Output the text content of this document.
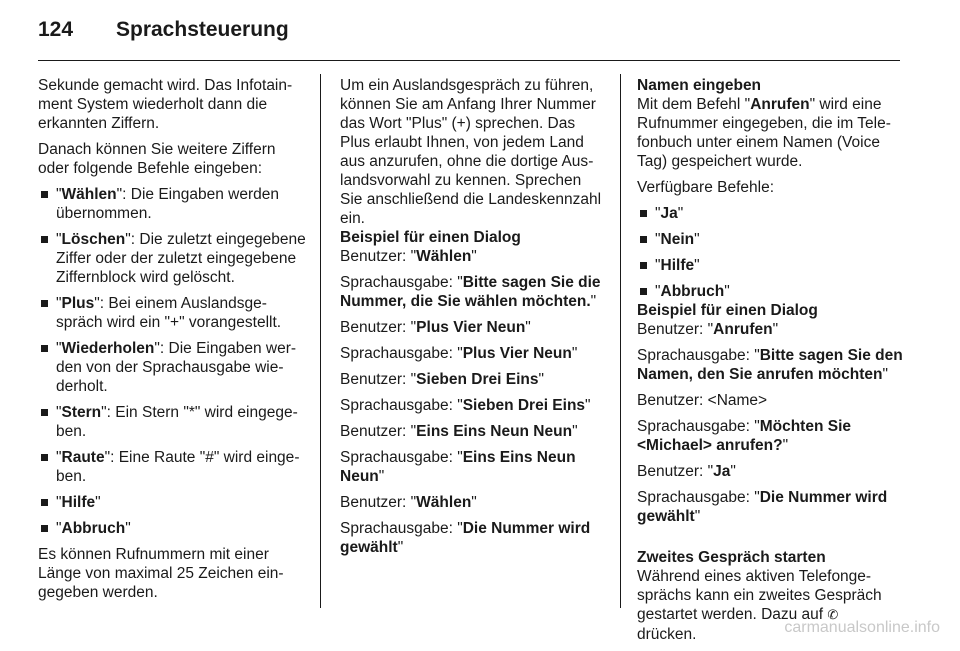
124	Sprachsteuerung

Sekunde gemacht wird. Das Infotainment System wiederholt dann die erkannten Ziffern.

Danach können Sie weitere Ziffern oder folgende Befehle eingeben:

"Wählen": Die Eingaben werden übernommen.
"Löschen": Die zuletzt eingegebene Ziffer oder der zuletzt eingegebene Ziffernblock wird gelöscht.
"Plus": Bei einem Auslandsgespräch wird ein "+" vorangestellt.
"Wiederholen": Die Eingaben werden von der Sprachausgabe wiederholt.
"Stern": Ein Stern "*" wird eingegeben.
"Raute": Eine Raute "#" wird eingeben.
"Hilfe"
"Abbruch"

Es können Rufnummern mit einer Länge von maximal 25 Zeichen eingegeben werden.

Um ein Auslandsgespräch zu führen, können Sie am Anfang Ihrer Nummer das Wort "Plus" (+) sprechen. Das Plus erlaubt Ihnen, von jedem Land aus anzurufen, ohne die dortige Auslandsvorwahl zu kennen. Sprechen Sie anschließend die Landeskennzahl ein.

Beispiel für einen Dialog

Benutzer: "Wählen"

Sprachausgabe: "Bitte sagen Sie die Nummer, die Sie wählen möchten."

Benutzer: "Plus Vier Neun"

Sprachausgabe: "Plus Vier Neun"

Benutzer: "Sieben Drei Eins"

Sprachausgabe: "Sieben Drei Eins"

Benutzer: "Eins Eins Neun Neun"

Sprachausgabe: "Eins Eins Neun Neun"

Benutzer: "Wählen"

Sprachausgabe: "Die Nummer wird gewählt"

Namen eingeben

Mit dem Befehl "Anrufen" wird eine Rufnummer eingegeben, die im Telefonbuch unter einem Namen (Voice Tag) gespeichert wurde.

Verfügbare Befehle:

"Ja"
"Nein"
"Hilfe"
"Abbruch"
Beispiel für einen Dialog

Benutzer: "Anrufen"

Sprachausgabe: "Bitte sagen Sie den Namen, den Sie anrufen möchten"

Benutzer: <Name>

Sprachausgabe: "Möchten Sie <Michael> anrufen?"

Benutzer: "Ja"

Sprachausgabe: "Die Nummer wird gewählt"

Zweites Gespräch starten

Während eines aktiven Telefongesprächs kann ein zweites Gespräch gestartet werden. Dazu auf ✆
drücken.	carmanualsonline.info
